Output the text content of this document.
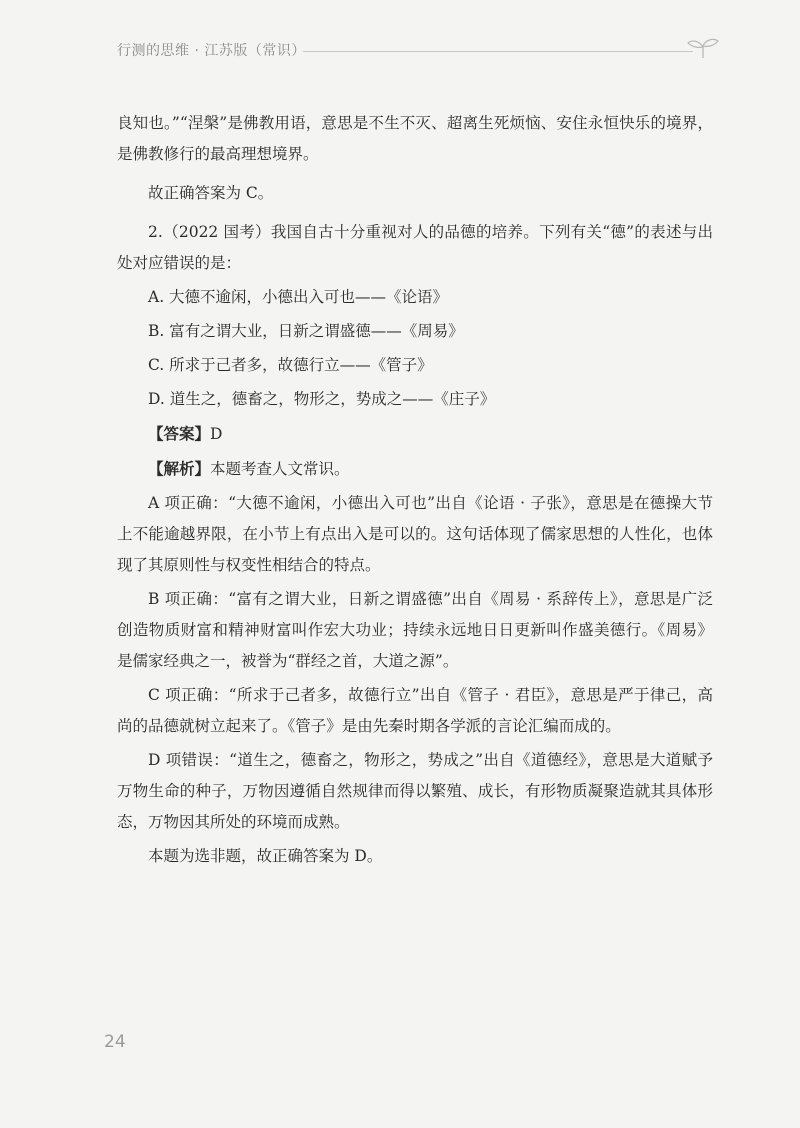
行测的思维 · 江苏版（常识）

良知也。”“涅槃”是佛教用语，意思是不生不灭、超离生死烦恼、安住永恒快乐的境界，是佛教修行的最高理想境界。

故正确答案为 C。

2.（2022 国考）我国自古十分重视对人的品德的培养。下列有关“德”的表述与出处对应错误的是：

A. 大德不逾闲，小德出入可也——《论语》

B. 富有之谓大业，日新之谓盛德——《周易》

C. 所求于己者多，故德行立——《管子》

D. 道生之，德畜之，物形之，势成之——《庄子》

【答案】D

【解析】本题考查人文常识。

A 项正确：“大德不逾闲，小德出入可也”出自《论语 · 子张》，意思是在德操大节上不能逾越界限，在小节上有点出入是可以的。这句话体现了儒家思想的人性化，也体现了其原则性与权变性相结合的特点。

B 项正确：“富有之谓大业，日新之谓盛德”出自《周易 · 系辞传上》，意思是广泛创造物质财富和精神财富叫作宏大功业；持续永远地日日更新叫作盛美德行。《周易》是儒家经典之一，被誉为“群经之首，大道之源”。

C 项正确：“所求于己者多，故德行立”出自《管子 · 君臣》，意思是严于律己，高尚的品德就树立起来了。《管子》是由先秦时期各学派的言论汇编而成的。

D 项错误：“道生之，德畜之，物形之，势成之”出自《道德经》，意思是大道赋予万物生命的种子，万物因遵循自然规律而得以繁殖、成长，有形物质凝聚造就其具体形态，万物因其所处的环境而成熟。

本题为选非题，故正确答案为 D。

24
